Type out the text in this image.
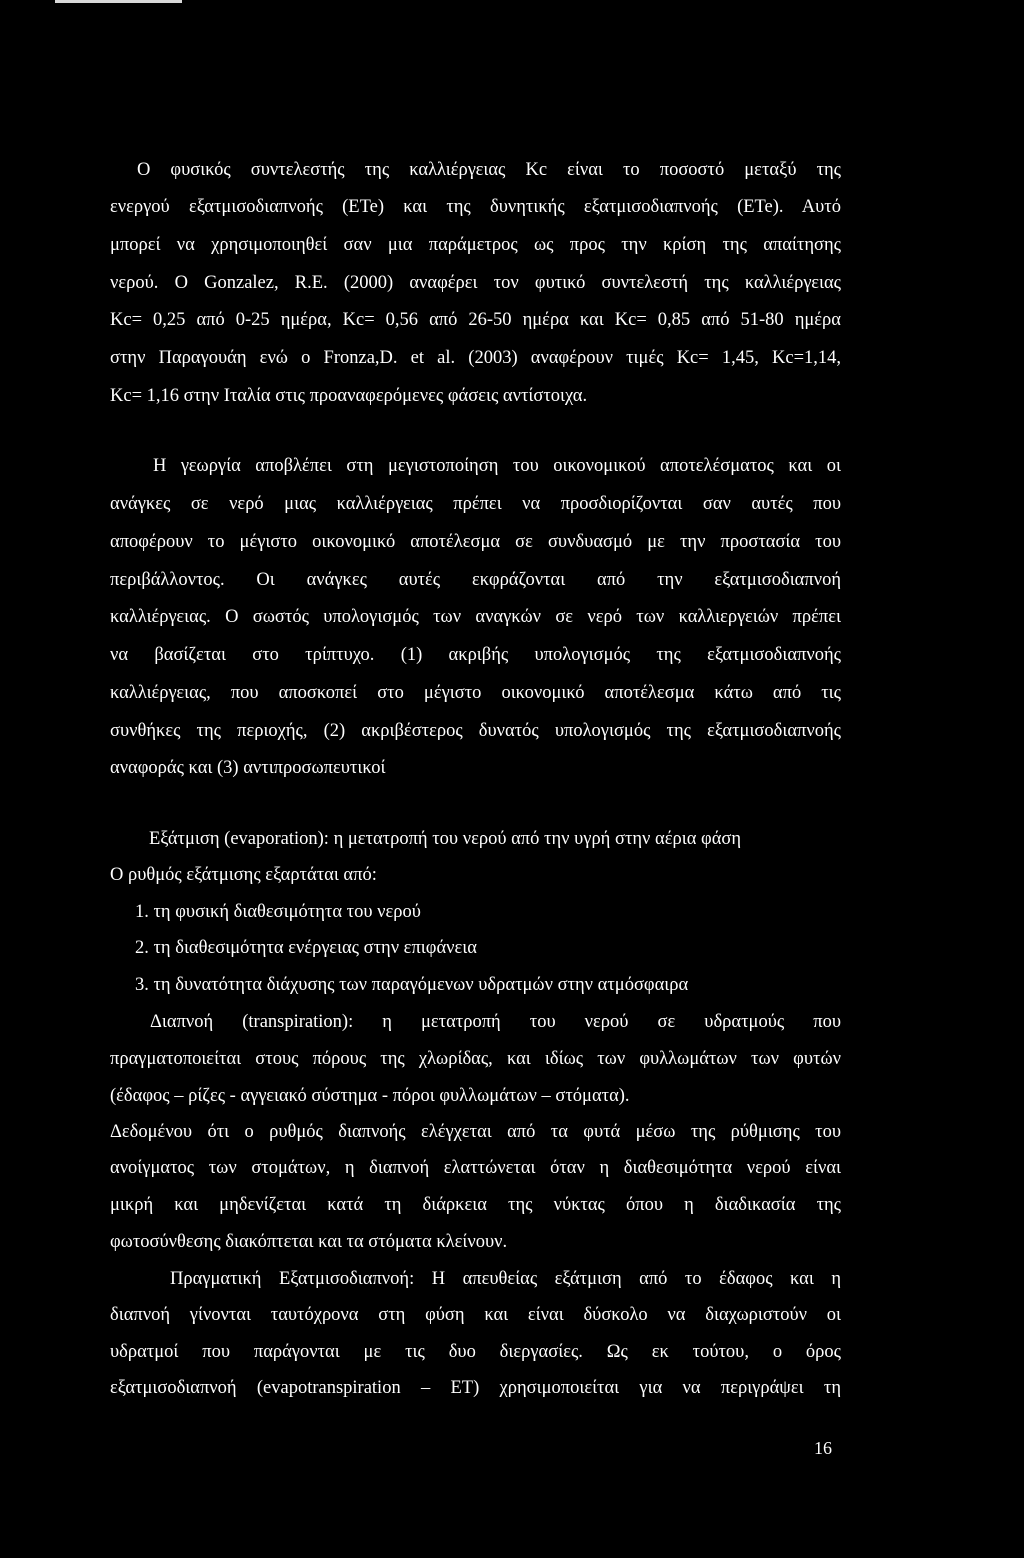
Ο φυσικός συντελεστής της καλλιέργειας Kc είναι το ποσοστό μεταξύ της
ενεργού εξατμισοδιαπνοής (ETe) και της δυνητικής εξατμισοδιαπνοής (ETe). Αυτό
μπορεί να χρησιμοποιηθεί σαν μια παράμετρος ως προς την κρίση της απαίτησης
νερού. Ο Gonzalez, R.E. (2000) αναφέρει τον φυτικό συντελεστή της καλλιέργειας
Kc= 0,25 από 0-25 ημέρα, Kc= 0,56 από 26-50 ημέρα και Kc= 0,85 από 51-80 ημέρα
στην Παραγουάη ενώ ο Fronza,D. et al. (2003) αναφέρουν τιμές Kc= 1,45, Kc=1,14,
Kc= 1,16 στην Ιταλία στις προαναφερόμενες φάσεις αντίστοιχα.
Η γεωργία αποβλέπει στη μεγιστοποίηση του οικονομικού αποτελέσματος και οι
ανάγκες σε νερό μιας καλλιέργειας πρέπει να προσδιορίζονται σαν αυτές που
αποφέρουν το μέγιστο οικονομικό αποτέλεσμα σε συνδυασμό με την προστασία του
περιβάλλοντος. Οι ανάγκες αυτές εκφράζονται από την εξατμισοδιαπνοή
καλλιέργειας. Ο σωστός υπολογισμός των αναγκών σε νερό των καλλιεργειών πρέπει
να βασίζεται στο τρίπτυχο. (1) ακριβής υπολογισμός της εξατμισοδιαπνοής
καλλιέργειας, που αποσκοπεί στο μέγιστο οικονομικό αποτέλεσμα κάτω από τις
συνθήκες της περιοχής, (2) ακριβέστερος δυνατός υπολογισμός της εξατμισοδιαπνοής
αναφοράς και (3) αντιπροσωπευτικοί
Εξάτμιση (evaporation): η μετατροπή του νερού από την υγρή στην αέρια φάση
Ο ρυθμός εξάτμισης εξαρτάται από:
1. τη φυσική διαθεσιμότητα του νερού
2. τη διαθεσιμότητα ενέργειας στην επιφάνεια
3. τη δυνατότητα διάχυσης των παραγόμενων υδρατμών στην ατμόσφαιρα
Διαπνοή (transpiration): η μετατροπή του νερού σε υδρατμούς που
πραγματοποιείται στους πόρους της χλωρίδας, και ιδίως των φυλλωμάτων των φυτών
(έδαφος – ρίζες - αγγειακό σύστημα - πόροι φυλλωμάτων – στόματα).
Δεδομένου ότι ο ρυθμός διαπνοής ελέγχεται από τα φυτά μέσω της ρύθμισης του
ανοίγματος των στομάτων, η διαπνοή ελαττώνεται όταν η διαθεσιμότητα νερού είναι
μικρή και μηδενίζεται κατά τη διάρκεια της νύκτας όπου η διαδικασία της
φωτοσύνθεσης διακόπτεται και τα στόματα κλείνουν.
Πραγματική Εξατμισοδιαπνοή: Η απευθείας εξάτμιση από το έδαφος και η
διαπνοή γίνονται ταυτόχρονα στη φύση και είναι δύσκολο να διαχωριστούν οι
υδρατμοί που παράγονται με τις δυο διεργασίες. Ως εκ τούτου, ο όρος
εξατμισοδιαπνοή (evapotranspiration – ET) χρησιμοποιείται για να περιγράψει τη
16
